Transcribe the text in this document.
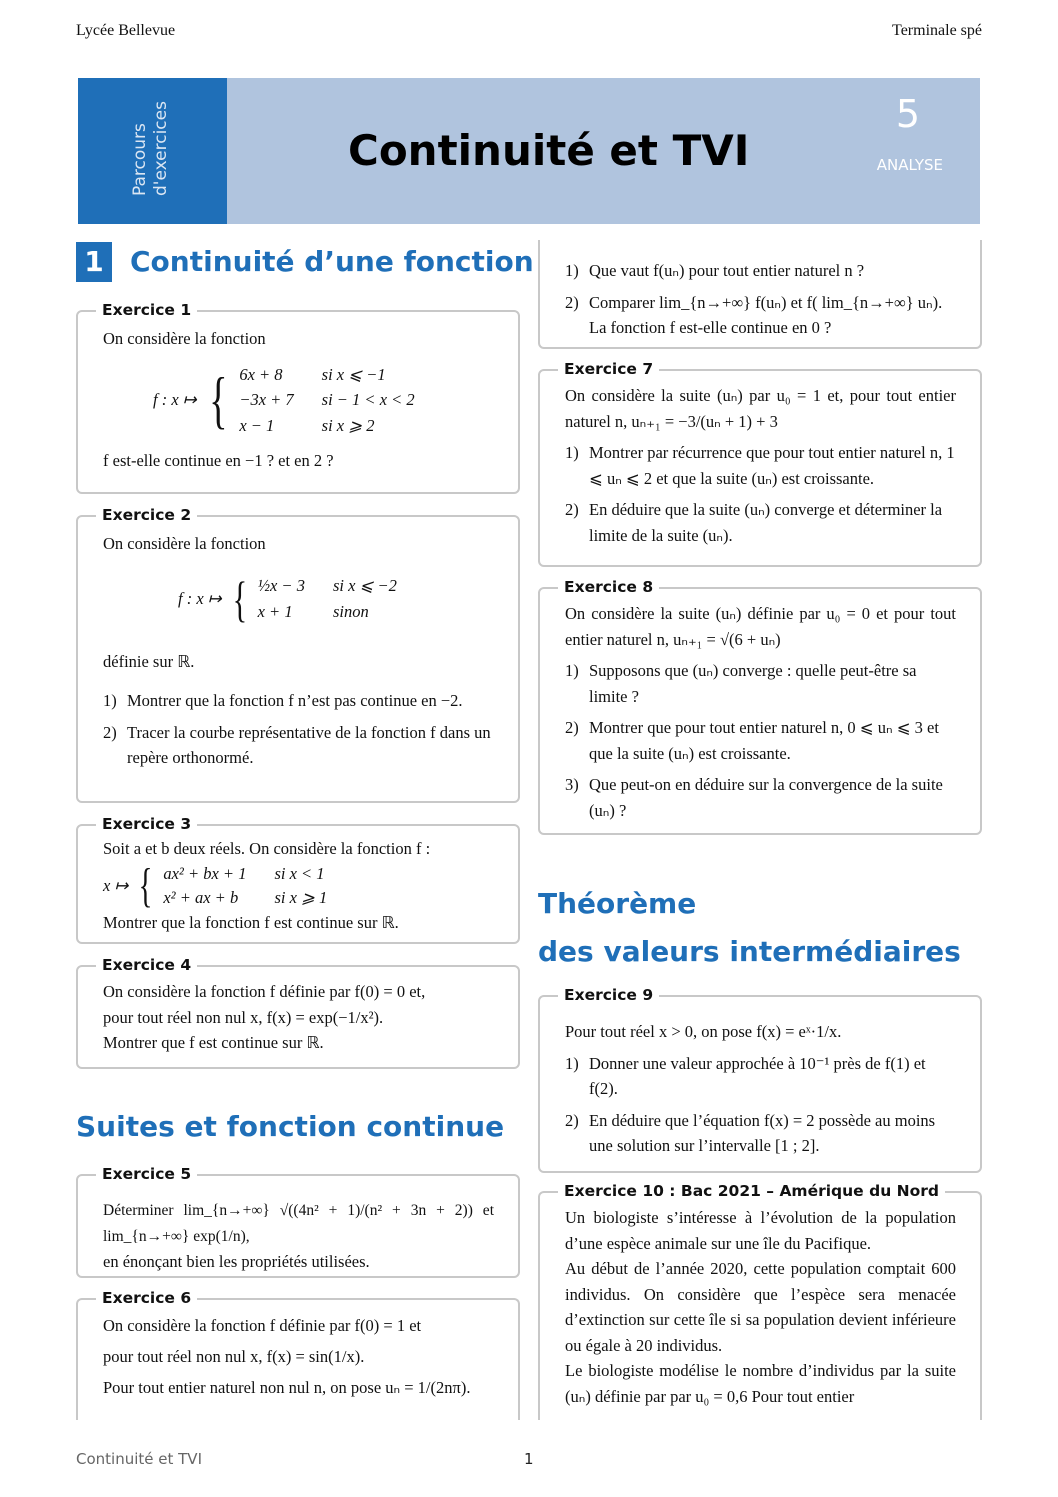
Lycée Bellevue	Terminale spé
Parcours d'exercices	Continuité et TVI
5
ANALYSE
1 Continuité d’une fonction
Exercice 1

On considère la fonction

f : x ↦ { 6x + 8	si x ⩽ −1
−3x + 7 si − 1 < x < 2
x − 1	si x ⩾ 2

f est-elle continue en −1 ? et en 2 ?

Exercice 2

On considère la fonction

f : x ↦ { ½x − 3 si x ⩽ −2
x + 1	sinon

définie sur ℝ.

1) Montrer que la fonction f n’est pas continue en −2.
2) Tracer la courbe représentative de la fonction f dans un repère orthonormé.
Exercice 3

Soit a et b deux réels. On considère la fonction f :

x ↦ { ax² + bx + 1 si x < 1
x² + ax + b	si x ⩾ 1

Montrer que la fonction f est continue sur ℝ.

Exercice 4

On considère la fonction f définie par f(0) = 0 et,

pour tout réel non nul x, f(x) = exp(−1/x²).

Montrer que f est continue sur ℝ.

Suites et fonction continue
Exercice 5

Déterminer lim_{n→+∞} √((4n² + 1)/(n² + 3n + 2)) et lim_{n→+∞} exp(1/n),

en énonçant bien les propriétés utilisées.

Exercice 6

On considère la fonction f définie par f(0) = 1 et

pour tout réel non nul x, f(x) = sin(1/x).

Pour tout entier naturel non nul n, on pose uₙ = 1/(2nπ).

1) Que vaut f(uₙ) pour tout entier naturel n ?
2) Comparer lim_{n→+∞} f(uₙ) et f( lim_{n→+∞} uₙ). La fonction f est-elle continue en 0 ?
Exercice 7

On considère la suite (uₙ) par u₀ = 1 et, pour tout entier naturel n, uₙ₊₁ = −3/(uₙ + 1) + 3

1) Montrer par récurrence que pour tout entier naturel n, 1 ⩽ uₙ ⩽ 2 et que la suite (uₙ) est croissante.
2) En déduire que la suite (uₙ) converge et déterminer la limite de la suite (uₙ).
Exercice 8

On considère la suite (uₙ) définie par u₀ = 0 et pour tout entier naturel n, uₙ₊₁ = √(6 + uₙ)

1) Supposons que (uₙ) converge : quelle peut-être sa limite ?
2) Montrer que pour tout entier naturel n, 0 ⩽ uₙ ⩽ 3 et que la suite (uₙ) est croissante.
3) Que peut-on en déduire sur la convergence de la suite (uₙ) ?
Théorème
des valeurs intermédiaires
Exercice 9

Pour tout réel x > 0, on pose f(x) = eˣ·1/x.

1) Donner une valeur approchée à 10⁻¹ près de f(1) et f(2).
2) En déduire que l’équation f(x) = 2 possède au moins une solution sur l’intervalle [1 ; 2].
Exercice 10 : Bac 2021 – Amérique du Nord

Un biologiste s’intéresse à l’évolution de la population d’une espèce animale sur une île du Pacifique.

Au début de l’année 2020, cette population comptait 600 individus. On considère que l’espèce sera menacée d’extinction sur cette île si sa population devient inférieure ou égale à 20 individus.

Le biologiste modélise le nombre d’individus par la suite (uₙ) définie par par u₀ = 0,6 Pour tout entier

Continuité et TVI	1
